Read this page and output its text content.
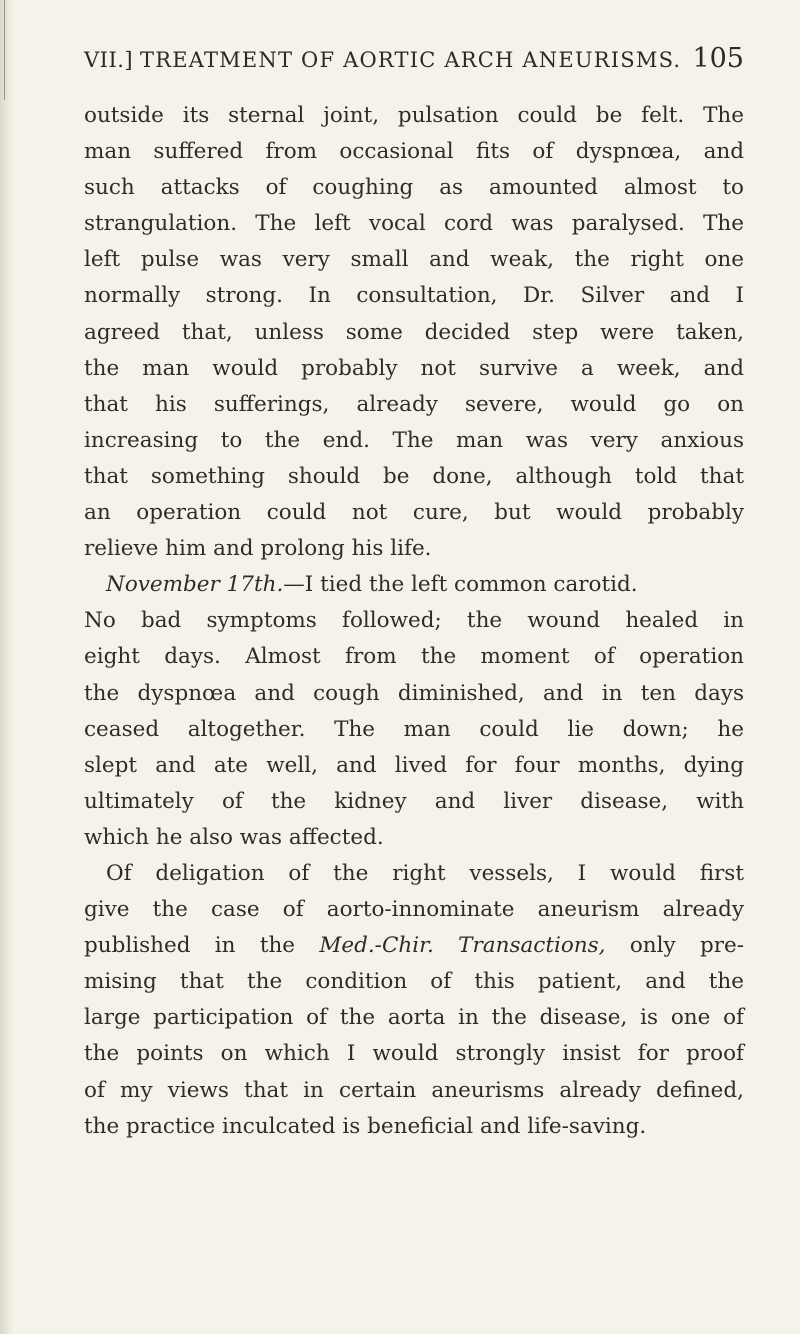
VII.] TREATMENT OF AORTIC ARCH ANEURISMS. 105
outside its sternal joint, pulsation could be felt. The
man suffered from occasional fits of dyspnœa, and
such attacks of coughing as amounted almost to
strangulation. The left vocal cord was paralysed. The
left pulse was very small and weak, the right one
normally strong. In consultation, Dr. Silver and I
agreed that, unless some decided step were taken,
the man would probably not survive a week, and
that his sufferings, already severe, would go on
increasing to the end. The man was very anxious
that something should be done, although told that
an operation could not cure, but would probably
relieve him and prolong his life.
November 17th.—I tied the left common carotid.
No bad symptoms followed; the wound healed in
eight days. Almost from the moment of operation
the dyspnœa and cough diminished, and in ten days
ceased altogether. The man could lie down; he
slept and ate well, and lived for four months, dying
ultimately of the kidney and liver disease, with
which he also was affected.
Of deligation of the right vessels, I would first
give the case of aorto-innominate aneurism already
published in the Med.-Chir. Transactions, only pre-
mising that the condition of this patient, and the
large participation of the aorta in the disease, is one of
the points on which I would strongly insist for proof
of my views that in certain aneurisms already defined,
the practice inculcated is beneficial and life-saving.
